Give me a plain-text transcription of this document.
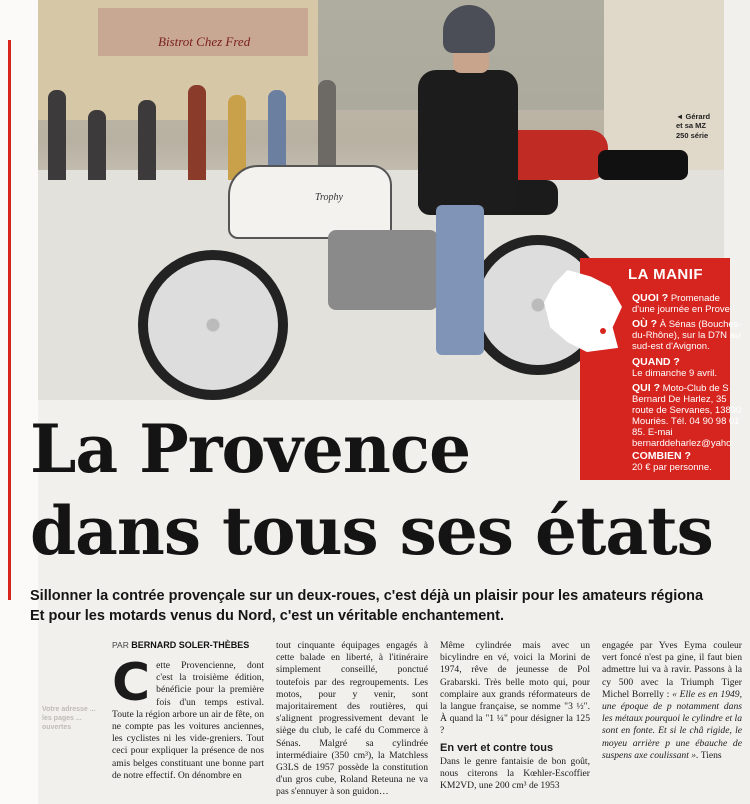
Bistrot Chez Fred
Trophy
◄ Gérard
et sa MZ
250 série
LA MANIF
QUOI ? Promenade d'une journée en Prove
OÙ ? À Sénas (Bouches-du-Rhône), sur la D7N au sud-est d'Avignon.
QUAND ?
Le dimanche 9 avril.
QUI ? Moto-Club de S Bernard De Harlez, 35 route de Servanes, 13890 Mouriès. Tél. 04 90 98 01 85. E-mai bernarddeharlez@yaho
COMBIEN ?
20 € par personne.
La Provence
dans tous ses états
Sillonner la contrée provençale sur un deux-roues, c'est déjà un plaisir pour les amateurs régiona
Et pour les motards venus du Nord, c'est un véritable enchantement.
PAR BERNARD SOLER-THÈBES
Votre adresse ... les pages ... ouvertes
C ette Provencienne, dont c'est la troisième édition, bénéficie pour la première fois d'un temps estival. Toute la région arbore un air de fête, on ne compte pas les voitures anciennes, les cyclistes ni les vide-greniers. Tout ceci pour expliquer la présence de nos amis belges constituant une bonne part de notre effectif. On dénombre en

tout cinquante équipages engagés à cette balade en liberté, à l'itinéraire simplement conseillé, ponctué toutefois par des regroupements. Les motos, pour y venir, sont majoritairement des routières, qui s'alignent progressivement devant le siège du club, le café du Commerce à Sénas. Malgré sa cylindrée intermédiaire (350 cm³), la Matchless G3LS de 1957 possède la constitution d'un gros cube, Roland Reteuna ne va pas s'ennuyer à son guidon…

Même cylindrée mais avec un bicylindre en vé, voici la Morini de 1974, rêve de jeunesse de Pol Grabarski. Très belle moto qui, pour complaire aux grands réformateurs de la langue française, se nomme "3 ½". À quand la "1 ¼" pour désigner la 125 ?

En vert et contre tous

Dans le genre fantaisie de bon goût, nous citerons la Kœhler-Escoffier KM2VD, une 200 cm³ de 1953

engagée par Yves Eyma couleur vert foncé n'est pa gine, il faut bien admettre lui va à ravir. Passons à la cy 500 avec la Triumph Tiger Michel Borrelly : « Elle es en 1949, une époque de p notamment dans les métaux pourquoi le cylindre et la sont en fonte. Et si le châ rigide, le moyeu arrière p une ébauche de suspens axe coulissant ». Tiens
